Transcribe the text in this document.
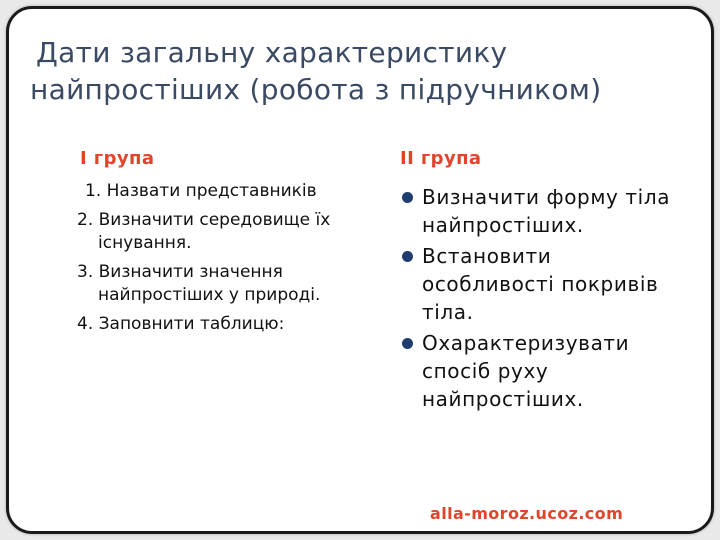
Дати загальну характеристику
найпростіших (робота з підручником)
I група	II група
1. Назвати представників
2. Визначити середовище їх існування.
3. Визначити значення найпростіших у природі.
4. Заповнити таблицю:
Визначити форму тіла найпростіших.
Встановити особливості покривів тіла.
Охарактеризувати спосіб руху найпростіших.
alla-moroz.ucoz.com
